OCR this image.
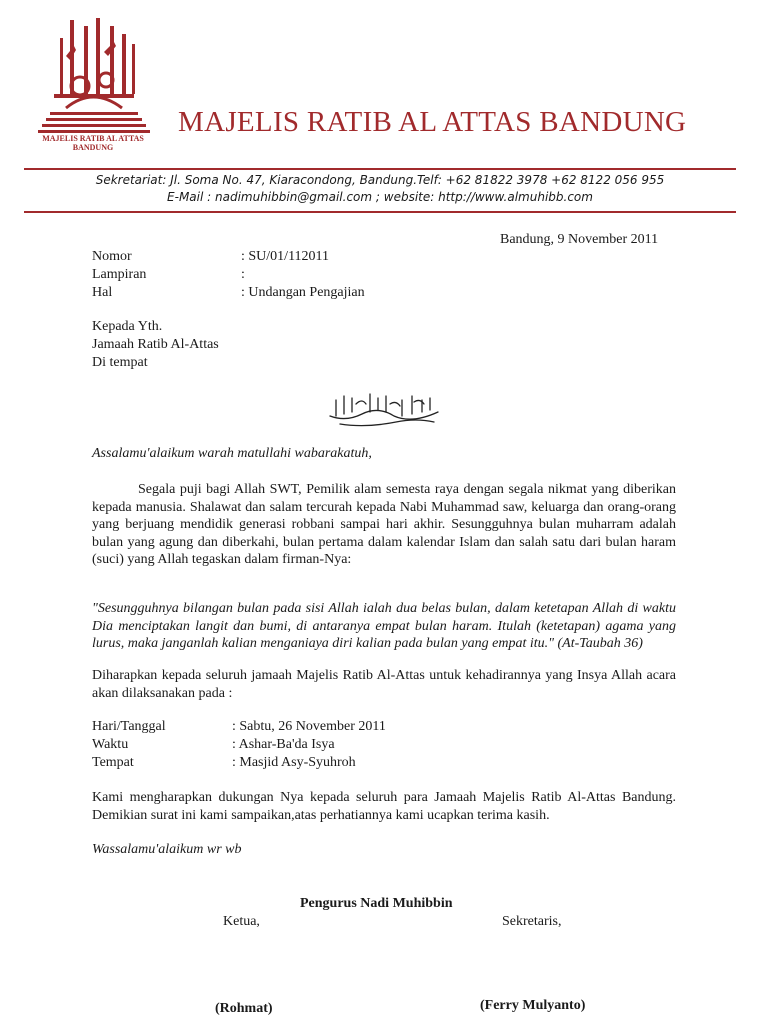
MAJELIS RATIB AL ATTAS
BANDUNG
MAJELIS RATIB AL ATTAS BANDUNG
Sekretariat: Jl. Soma No. 47, Kiaracondong, Bandung.Telf: +62 81822 3978 +62 8122 056 955
E-Mail : nadimuhibbin@gmail.com ; website: http://www.almuhibb.com
Bandung, 9 November 2011
Nomor	: SU/01/112011
Lampiran	:
Hal	: Undangan Pengajian
Kepada Yth.
Jamaah Ratib Al-Attas
Di tempat
Assalamu'alaikum warah matullahi wabarakatuh,
Segala puji bagi Allah SWT, Pemilik alam semesta raya dengan segala nikmat yang diberikan kepada manusia. Shalawat dan salam tercurah kepada Nabi Muhammad saw, keluarga dan orang-orang yang berjuang mendidik generasi robbani sampai hari akhir. Sesungguhnya bulan muharram adalah bulan yang agung dan diberkahi, bulan pertama dalam kalendar Islam dan salah satu dari bulan haram (suci) yang Allah tegaskan dalam firman-Nya:
"Sesungguhnya bilangan bulan pada sisi Allah ialah dua belas bulan, dalam ketetapan Allah di waktu Dia menciptakan langit dan bumi, di antaranya empat bulan haram. Itulah (ketetapan) agama yang lurus, maka janganlah kalian menganiaya diri kalian pada bulan yang empat itu." (At-Taubah 36)
Diharapkan kepada seluruh jamaah Majelis Ratib Al-Attas untuk kehadirannya yang Insya Allah acara akan dilaksanakan pada :
Hari/Tanggal	: Sabtu, 26 November 2011
Waktu	: Ashar-Ba'da Isya
Tempat	: Masjid Asy-Syuhroh
Kami mengharapkan dukungan Nya kepada seluruh para Jamaah Majelis Ratib Al-Attas Bandung. Demikian surat ini kami sampaikan,atas perhatiannya kami ucapkan terima kasih.
Wassalamu'alaikum wr wb
Pengurus Nadi Muhibbin
Ketua,	Sekretaris,
(Rohmat)	(Ferry Mulyanto)
